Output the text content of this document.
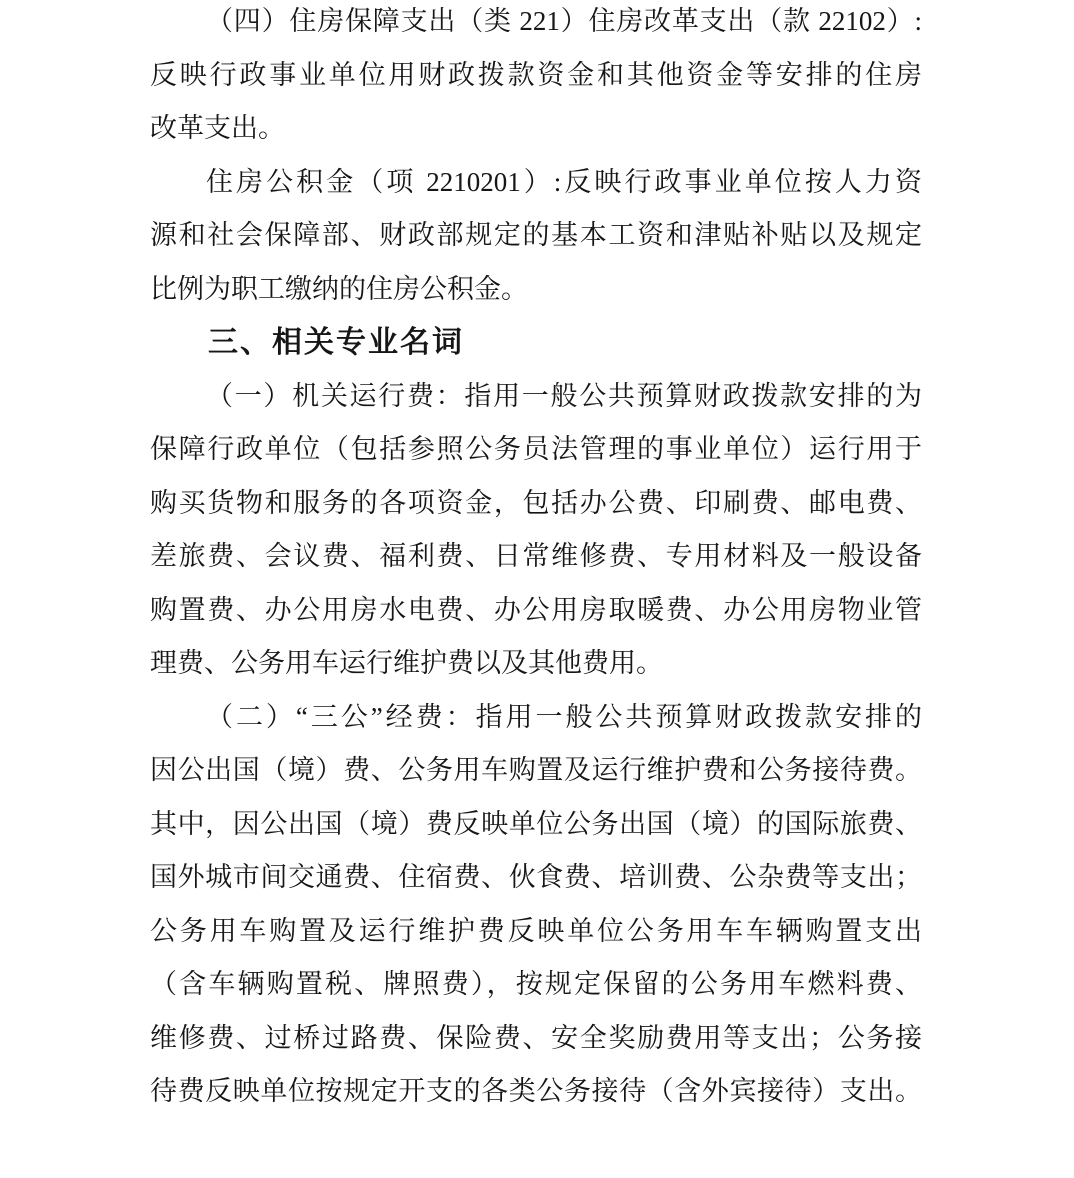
（四）住房保障支出（类 221）住房改革支出（款 22102）:
反映行政事业单位用财政拨款资金和其他资金等安排的住房
改革支出。
住房公积金（项 2210201）:反映行政事业单位按人力资
源和社会保障部、财政部规定的基本工资和津贴补贴以及规定
比例为职工缴纳的住房公积金。
三、相关专业名词
（一）机关运行费：指用一般公共预算财政拨款安排的为
保障行政单位（包括参照公务员法管理的事业单位）运行用于
购买货物和服务的各项资金，包括办公费、印刷费、邮电费、
差旅费、会议费、福利费、日常维修费、专用材料及一般设备
购置费、办公用房水电费、办公用房取暖费、办公用房物业管
理费、公务用车运行维护费以及其他费用。
（二）“三公”经费：指用一般公共预算财政拨款安排的
因公出国（境）费、公务用车购置及运行维护费和公务接待费。
其中，因公出国（境）费反映单位公务出国（境）的国际旅费、
国外城市间交通费、住宿费、伙食费、培训费、公杂费等支出；
公务用车购置及运行维护费反映单位公务用车车辆购置支出
（含车辆购置税、牌照费），按规定保留的公务用车燃料费、
维修费、过桥过路费、保险费、安全奖励费用等支出；公务接
待费反映单位按规定开支的各类公务接待（含外宾接待）支出。
